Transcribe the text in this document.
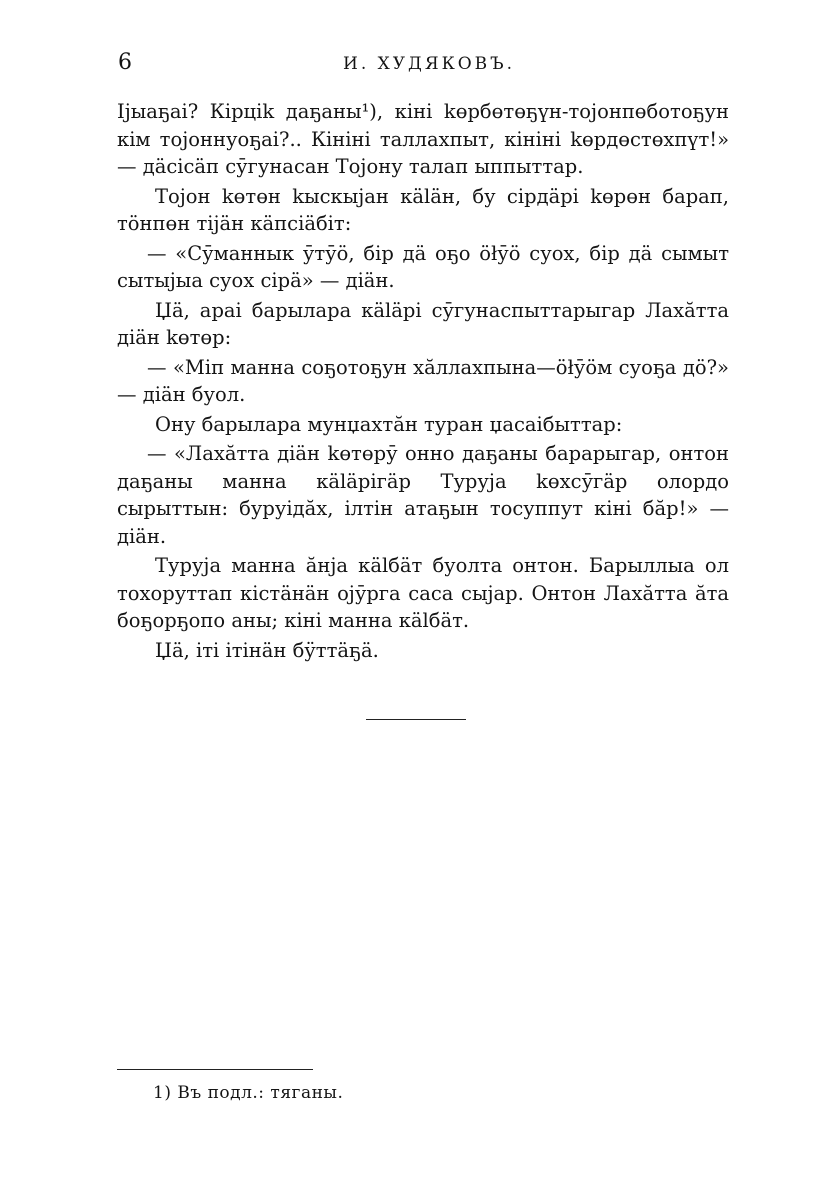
6	И. ХУДЯКОВЪ.

Іјыаҕаі? Кірціk даҕаны¹), кіні kөрбөтөҕүн-тојонпөботоҕун кім тојоннуоҕаі?.. Кініні таллахпыт, кініні kөрдөстөхпүт!» — дäсісäп сӯгунасан Тојону талап ыппыттар.

Тојон kөтөн kыскыјан кäläн, бу сірдäрі kөрөн барап, тöнпөн тіјäн кäпсіäбіт:

— «Сӯманнык ӯтӯö, бір дä оҕо öłӯö суох, бір дä сымыт сытыјыа суох сірä» — діäн.

Џä, араі барылара кäläрі сӯгунаспыттарыгар Лахӑтта діäн kөтөр:

— «Міп манна соҕотоҕун хӑллахпына—öłӯöм суоҕа дö?» — діäн буол.

Ону барылара мунџахтӑн туран џасаібыттар:

— «Лахӑтта діäн kөтөрӯ онно даҕаны барарыгар, онтон даҕаны манна кäläрігäр Туруја kөхсӯгäр олордо сырыттын: буруідӑх, ілтін атаҕын тосуппут кіні бӑр!» — діäн.

Туруја манна ӑнја кälбäт буолта онтон. Барыллыа ол тохоруттап кістäнäн ојӯрга саса сыјар. Онтон Лахӑтта ӑта боҕорҕопо аны; кіні манна кälбäт.

Џä, іті ітінäн бӱттäҕä.

1) Въ подл.: тяганы.
